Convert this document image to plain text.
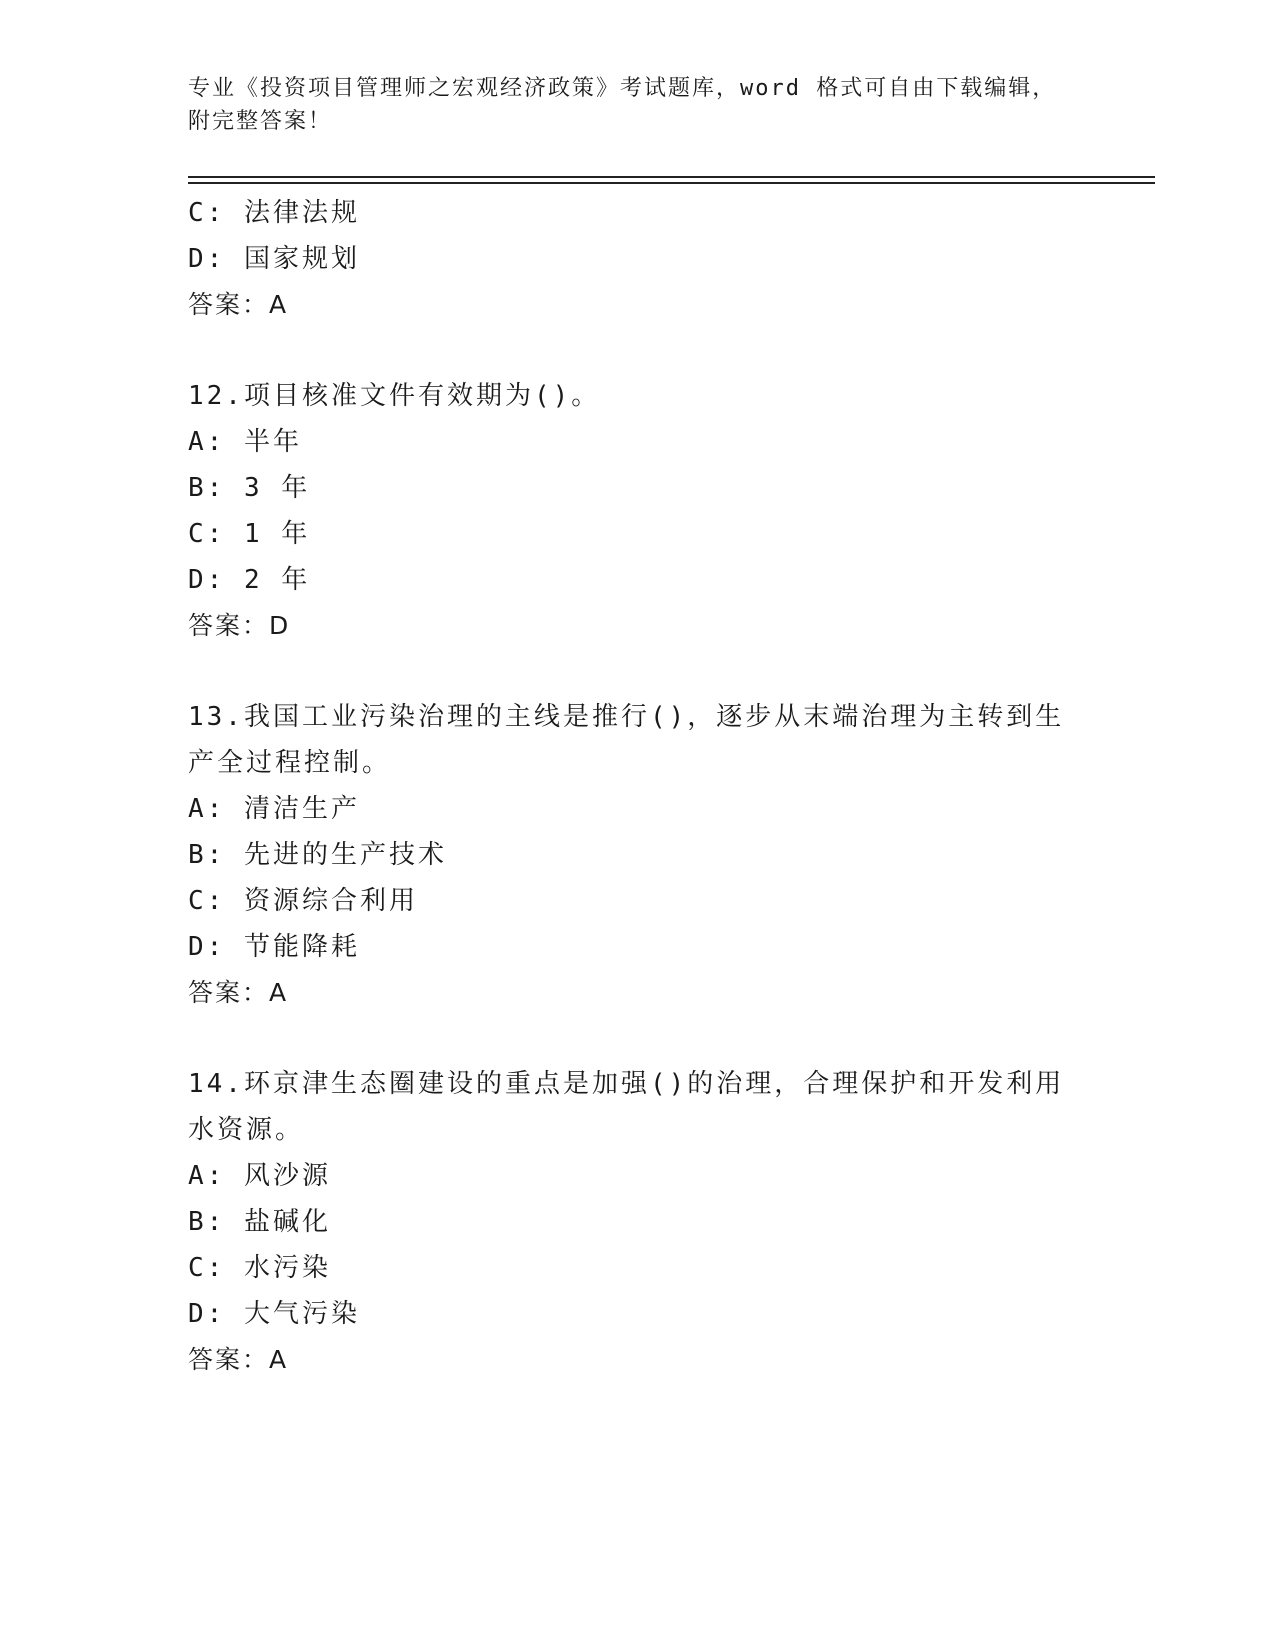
专业《投资项目管理师之宏观经济政策》考试题库，word 格式可自由下载编辑，
附完整答案！
C: 法律法规
D: 国家规划
答案：A
12.项目核准文件有效期为()。
A: 半年
B: 3 年
C: 1 年
D: 2 年
答案：D
13.我国工业污染治理的主线是推行()，逐步从末端治理为主转到生产全过程控制。
A: 清洁生产
B: 先进的生产技术
C: 资源综合利用
D: 节能降耗
答案：A
14.环京津生态圈建设的重点是加强()的治理，合理保护和开发利用水资源。
A: 风沙源
B: 盐碱化
C: 水污染
D: 大气污染
答案：A
